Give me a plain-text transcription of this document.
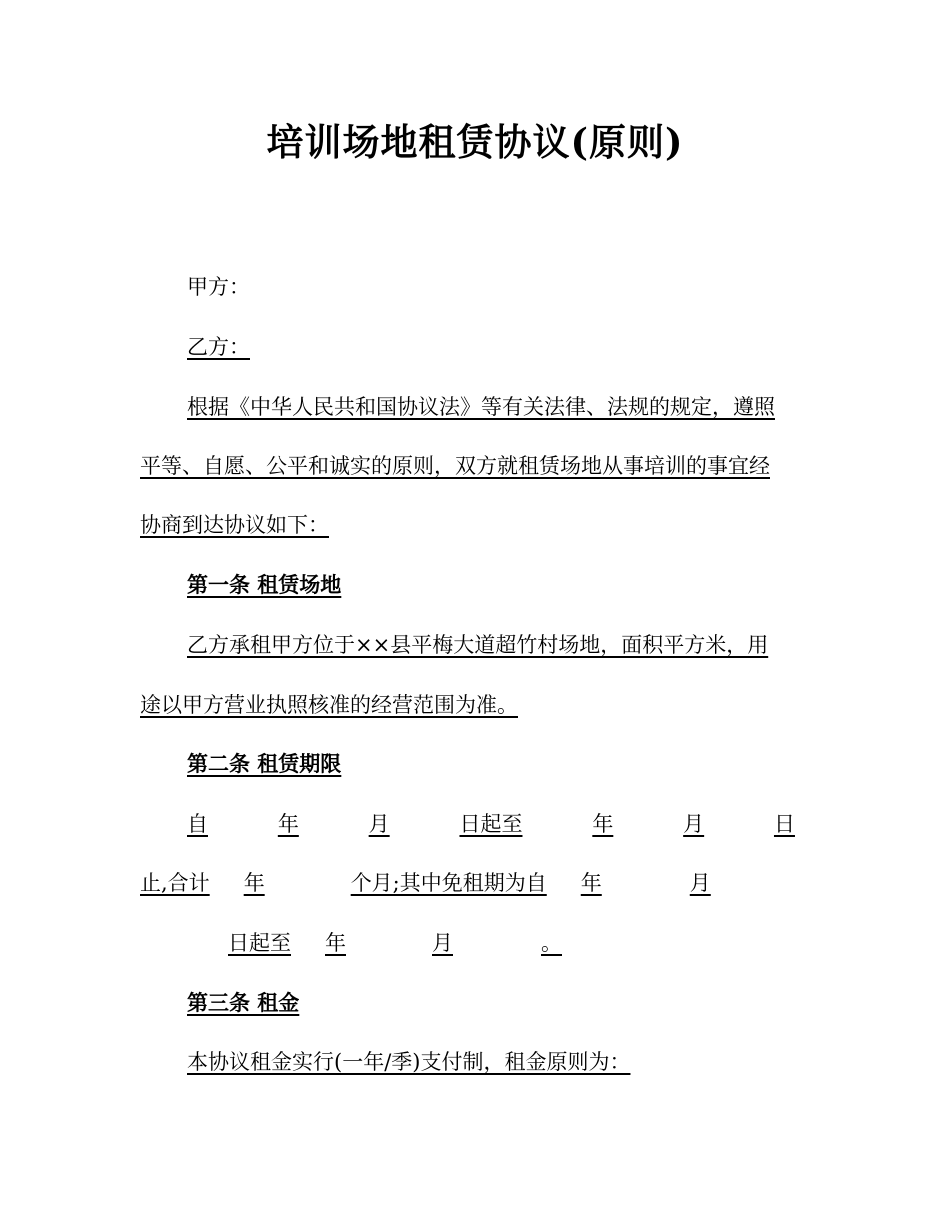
培训场地租赁协议(原则)
甲方：
乙方：
根据《中华人民共和国协议法》等有关法律、法规的规定，遵照
平等、自愿、公平和诚实的原则，双方就租赁场地从事培训的事宜经
协商到达协议如下：
第一条 租赁场地
乙方承租甲方位于××县平梅大道超竹村场地，面积平方米，用
途以甲方营业执照核准的经营范围为准。
第二条 租赁期限
自	年	月	日起至	年	月	日
止,合计 年	个月;其中免租期为自 年	月
日起至 年	月	。
第三条 租金
本协议租金实行(一年/季)支付制，租金原则为：
